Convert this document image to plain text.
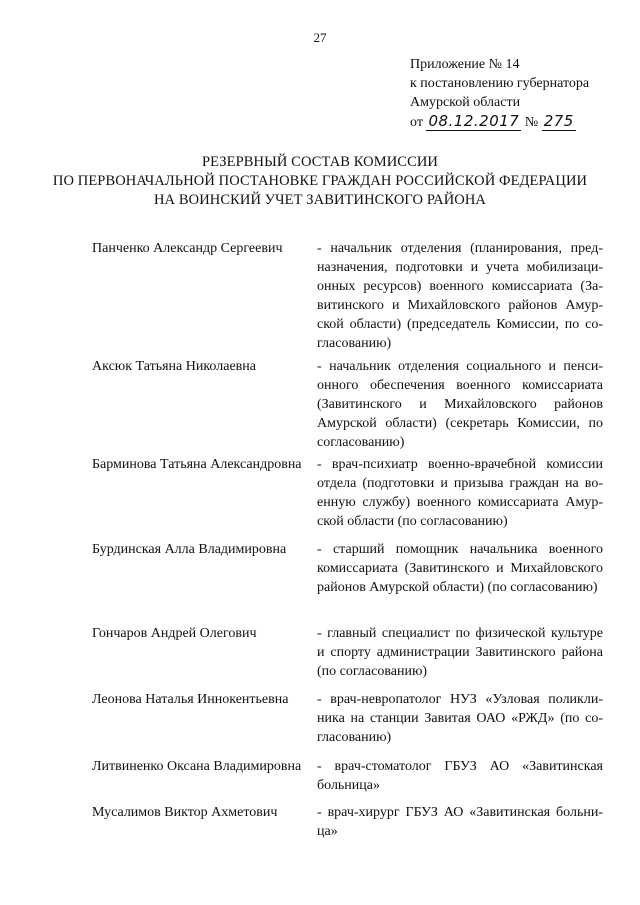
27
Приложение № 14
к постановлению губернатора
Амурской области
от 08.12.2017 № 275
РЕЗЕРВНЫЙ СОСТАВ КОМИССИИ
ПО ПЕРВОНАЧАЛЬНОЙ ПОСТАНОВКЕ ГРАЖДАН РОССИЙСКОЙ ФЕДЕРАЦИИ
НА ВОИНСКИЙ УЧЕТ ЗАВИТИНСКОГО РАЙОНА
Панченко Александр Сергеевич	- начальник отделения (планирования, предназначения, подготовки и учета мобилизационных ресурсов) военного комиссариата (Завитинского и Михайловского районов Амурской области) (председатель Комиссии, по согласованию)
Аксюк Татьяна Николаевна	- начальник отделения социального и пенсионного обеспечения военного комиссариата (Завитинского и Михайловского районов Амурской области) (секретарь Комиссии, по согласованию)
Барминова Татьяна Александровна	- врач-психиатр военно-врачебной комиссии отдела (подготовки и призыва граждан на военную службу) военного комиссариата Амурской области (по согласованию)
Бурдинская Алла Владимировна	- старший помощник начальника военного комиссариата (Завитинского и Михайловского районов Амурской области) (по согласованию)
Гончаров Андрей Олегович	- главный специалист по физической культуре и спорту администрации Завитинского района (по согласованию)
Леонова Наталья Иннокентьевна	- врач-невропатолог НУЗ «Узловая поликлиника на станции Завитая ОАО «РЖД» (по согласованию)
Литвиненко Оксана Владимировна	- врач-стоматолог ГБУЗ АО «Завитинская больница»
Мусалимов Виктор Ахметович	- врач-хирург ГБУЗ АО «Завитинская больница»
